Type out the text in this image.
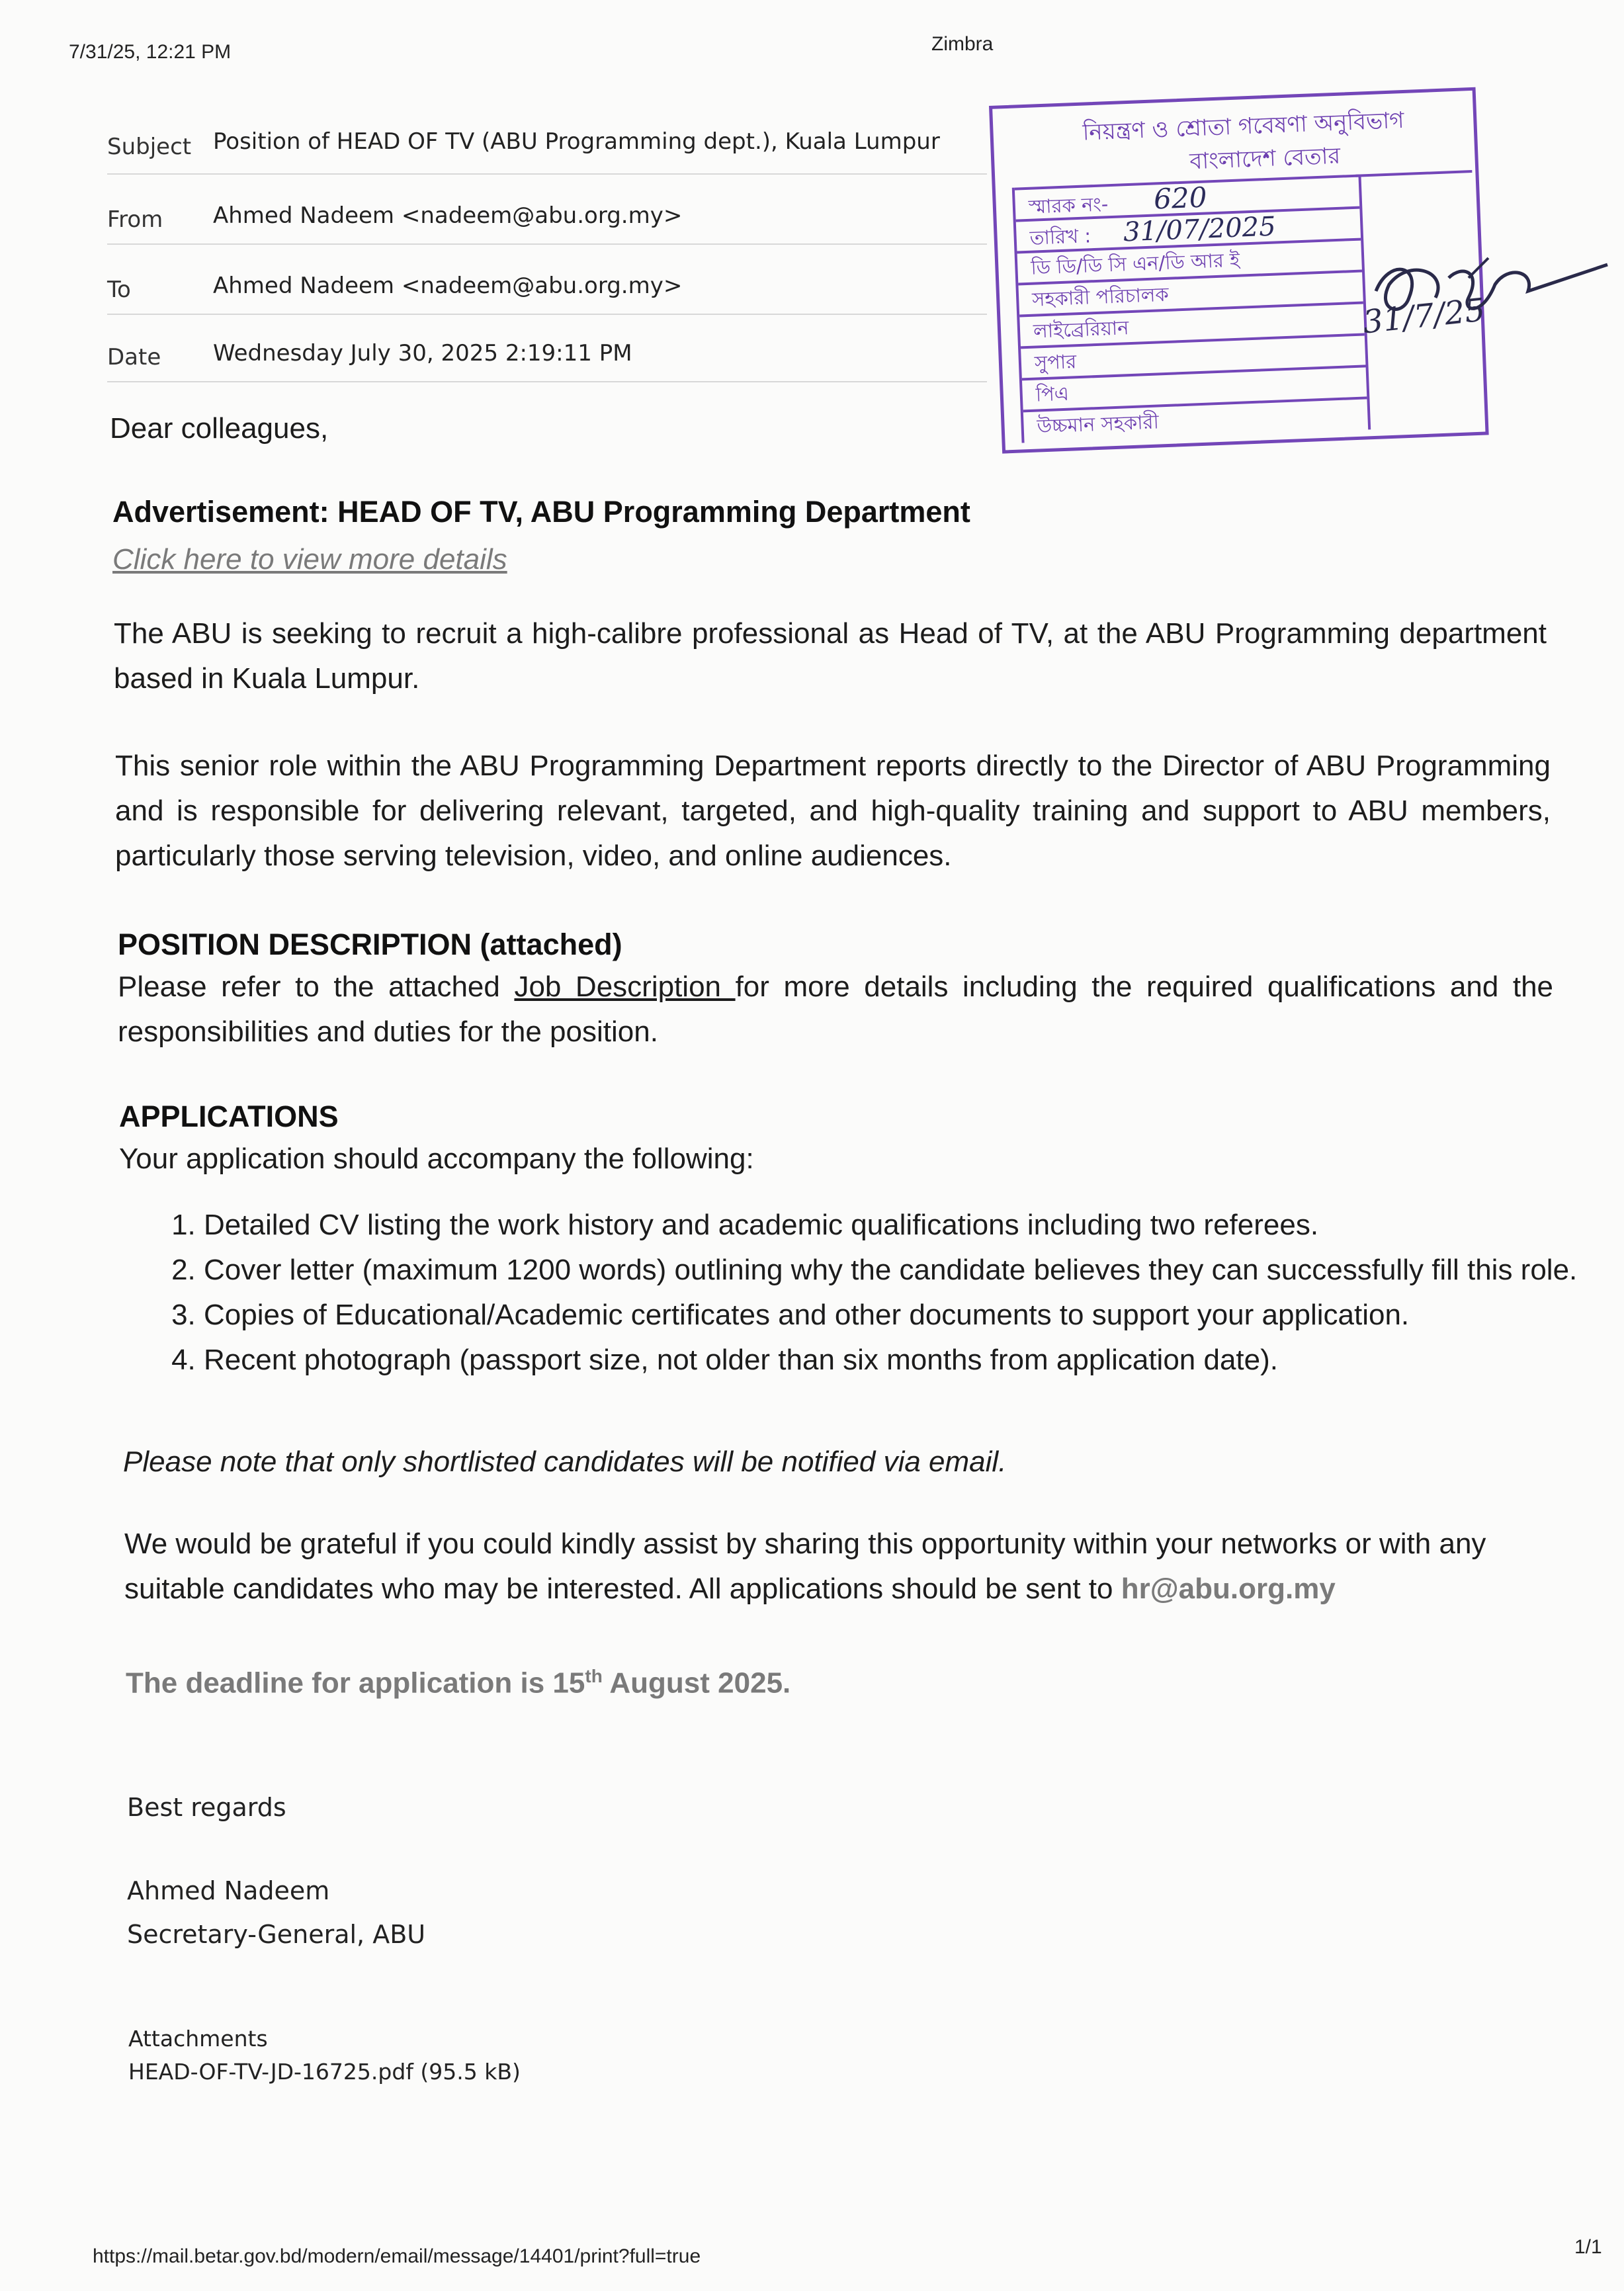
7/31/25, 12:21 PM	Zimbra
Subject Position of HEAD OF TV (ABU Programming dept.), Kuala Lumpur
From Ahmed Nadeem <nadeem@abu.org.my>
To	Ahmed Nadeem <nadeem@abu.org.my>
Date Wednesday July 30, 2025 2:19:11 PM
নিয়ন্ত্রণ ও শ্রোতা গবেষণা অনুবিভাগ
বাংলাদেশ বেতার
স্মারক নং- 620
তারিখ : 31/07/2025
ডি ডি/ডি সি এন/ডি আর ই
সহকারী পরিচালক
লাইব্রেরিয়ান
সুপার
পিএ
উচ্চমান সহকারী
31/7/25
Dear colleagues,
Advertisement: HEAD OF TV, ABU Programming Department
Click here to view more details
The ABU is seeking to recruit a high-calibre professional as Head of TV, at the ABU Programming department based in Kuala Lumpur.
This senior role within the ABU Programming Department reports directly to the Director of ABU Programming and is responsible for delivering relevant, targeted, and high-quality training and support to ABU members, particularly those serving television, video, and online audiences.
POSITION DESCRIPTION (attached)
Please refer to the attached Job Description for more details including the required qualifications and the responsibilities and duties for the position.
APPLICATIONS
Your application should accompany the following:
1. Detailed CV listing the work history and academic qualifications including two referees.
2. Cover letter (maximum 1200 words) outlining why the candidate believes they can successfully fill this role.
3. Copies of Educational/Academic certificates and other documents to support your application.
4. Recent photograph (passport size, not older than six months from application date).
Please note that only shortlisted candidates will be notified via email.
We would be grateful if you could kindly assist by sharing this opportunity within your networks or with any suitable candidates who may be interested. All applications should be sent to hr@abu.org.my
The deadline for application is 15th August 2025.
Best regards
Ahmed Nadeem
Secretary-General, ABU
Attachments
HEAD-OF-TV-JD-16725.pdf (95.5 kB)
https://mail.betar.gov.bd/modern/email/message/14401/print?full=true	1/1
